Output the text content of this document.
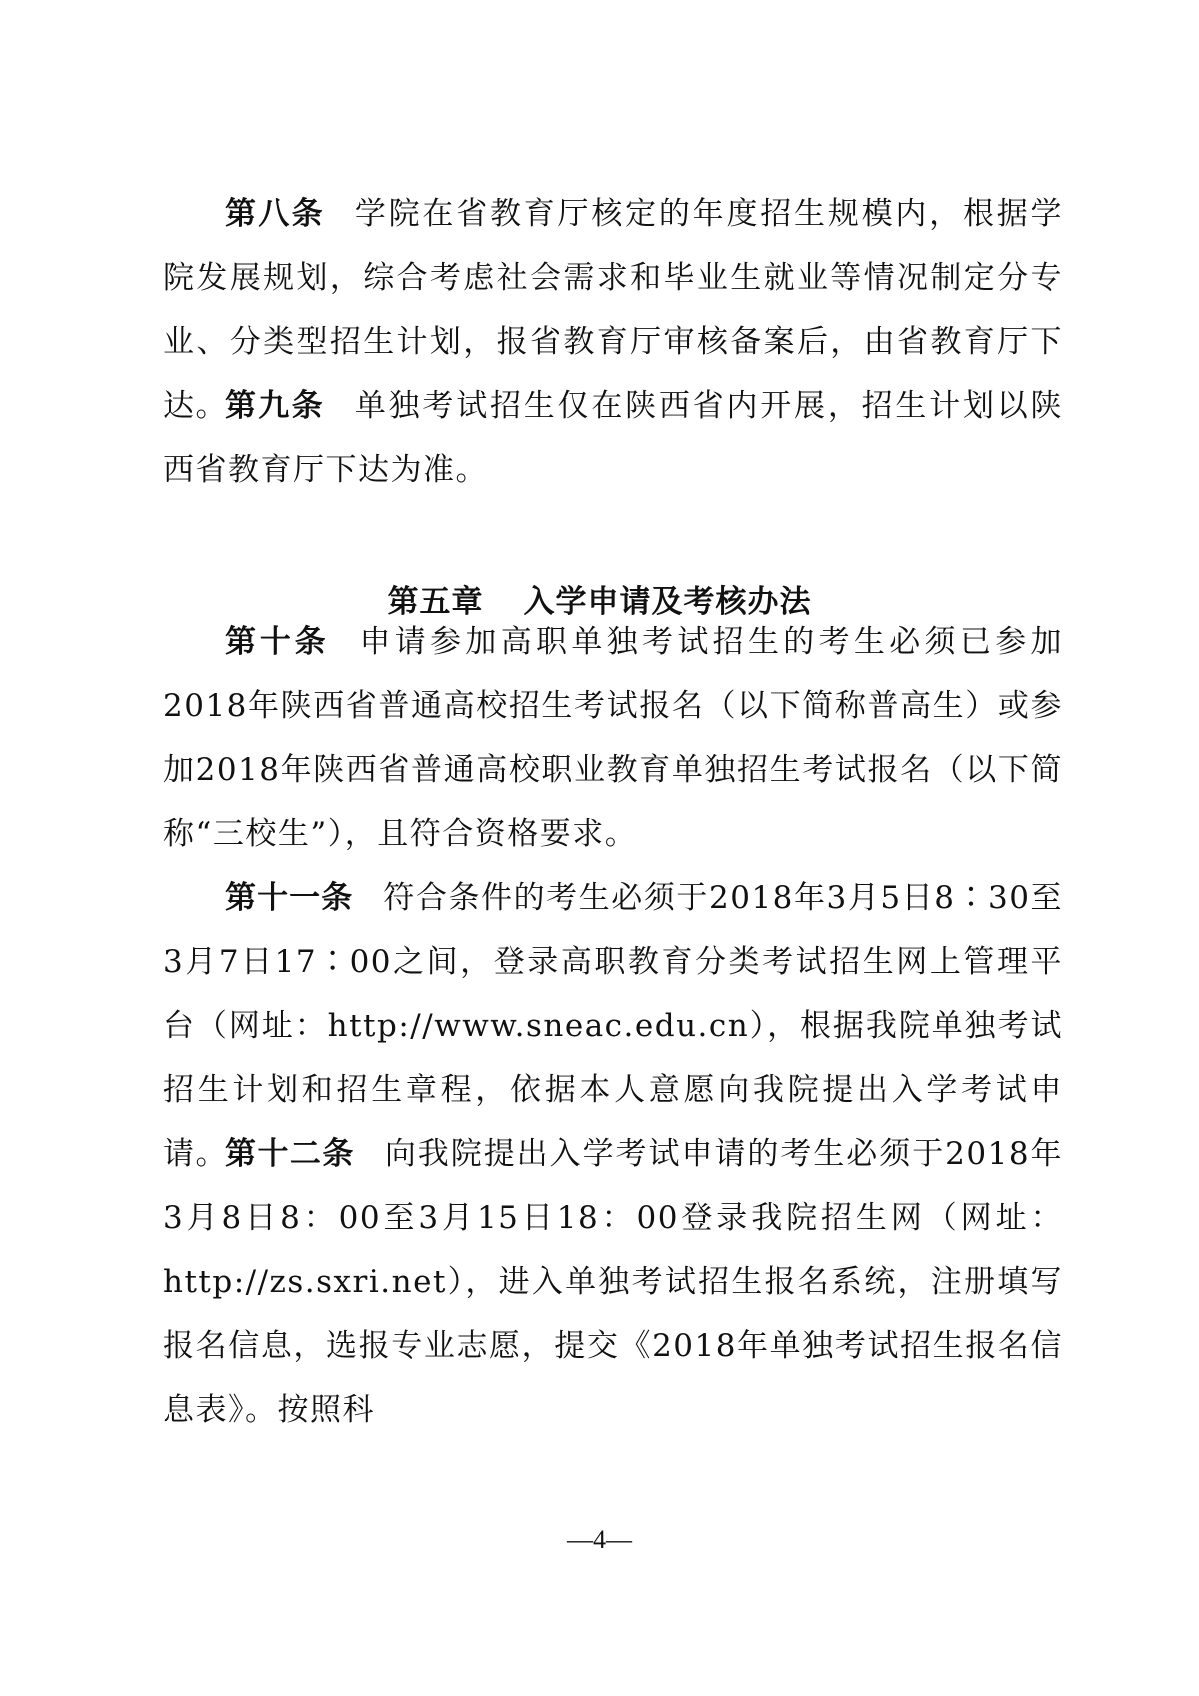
第八条 学院在省教育厅核定的年度招生规模内，根据学院发展规划，综合考虑社会需求和毕业生就业等情况制定分专业、分类型招生计划，报省教育厅审核备案后，由省教育厅下达。

第九条 单独考试招生仅在陕西省内开展，招生计划以陕西省教育厅下达为准。

第五章 入学申请及考核办法

第十条 申请参加高职单独考试招生的考生必须已参加2018年陕西省普通高校招生考试报名（以下简称普高生）或参加2018年陕西省普通高校职业教育单独招生考试报名（以下简称“三校生”），且符合资格要求。

第十一条 符合条件的考生必须于2018年3月5日8∶30至3月7日17∶00之间，登录高职教育分类考试招生网上管理平台（网址：http://www.sneac.edu.cn），根据我院单独考试招生计划和招生章程，依据本人意愿向我院提出入学考试申请。

第十二条 向我院提出入学考试申请的考生必须于2018年3月8日8：00至3月15日18：00登录我院招生网（网址：http://zs.sxri.net），进入单独考试招生报名系统，注册填写报名信息，选报专业志愿，提交《2018年单独考试招生报名信息表》。按照科

—4—
